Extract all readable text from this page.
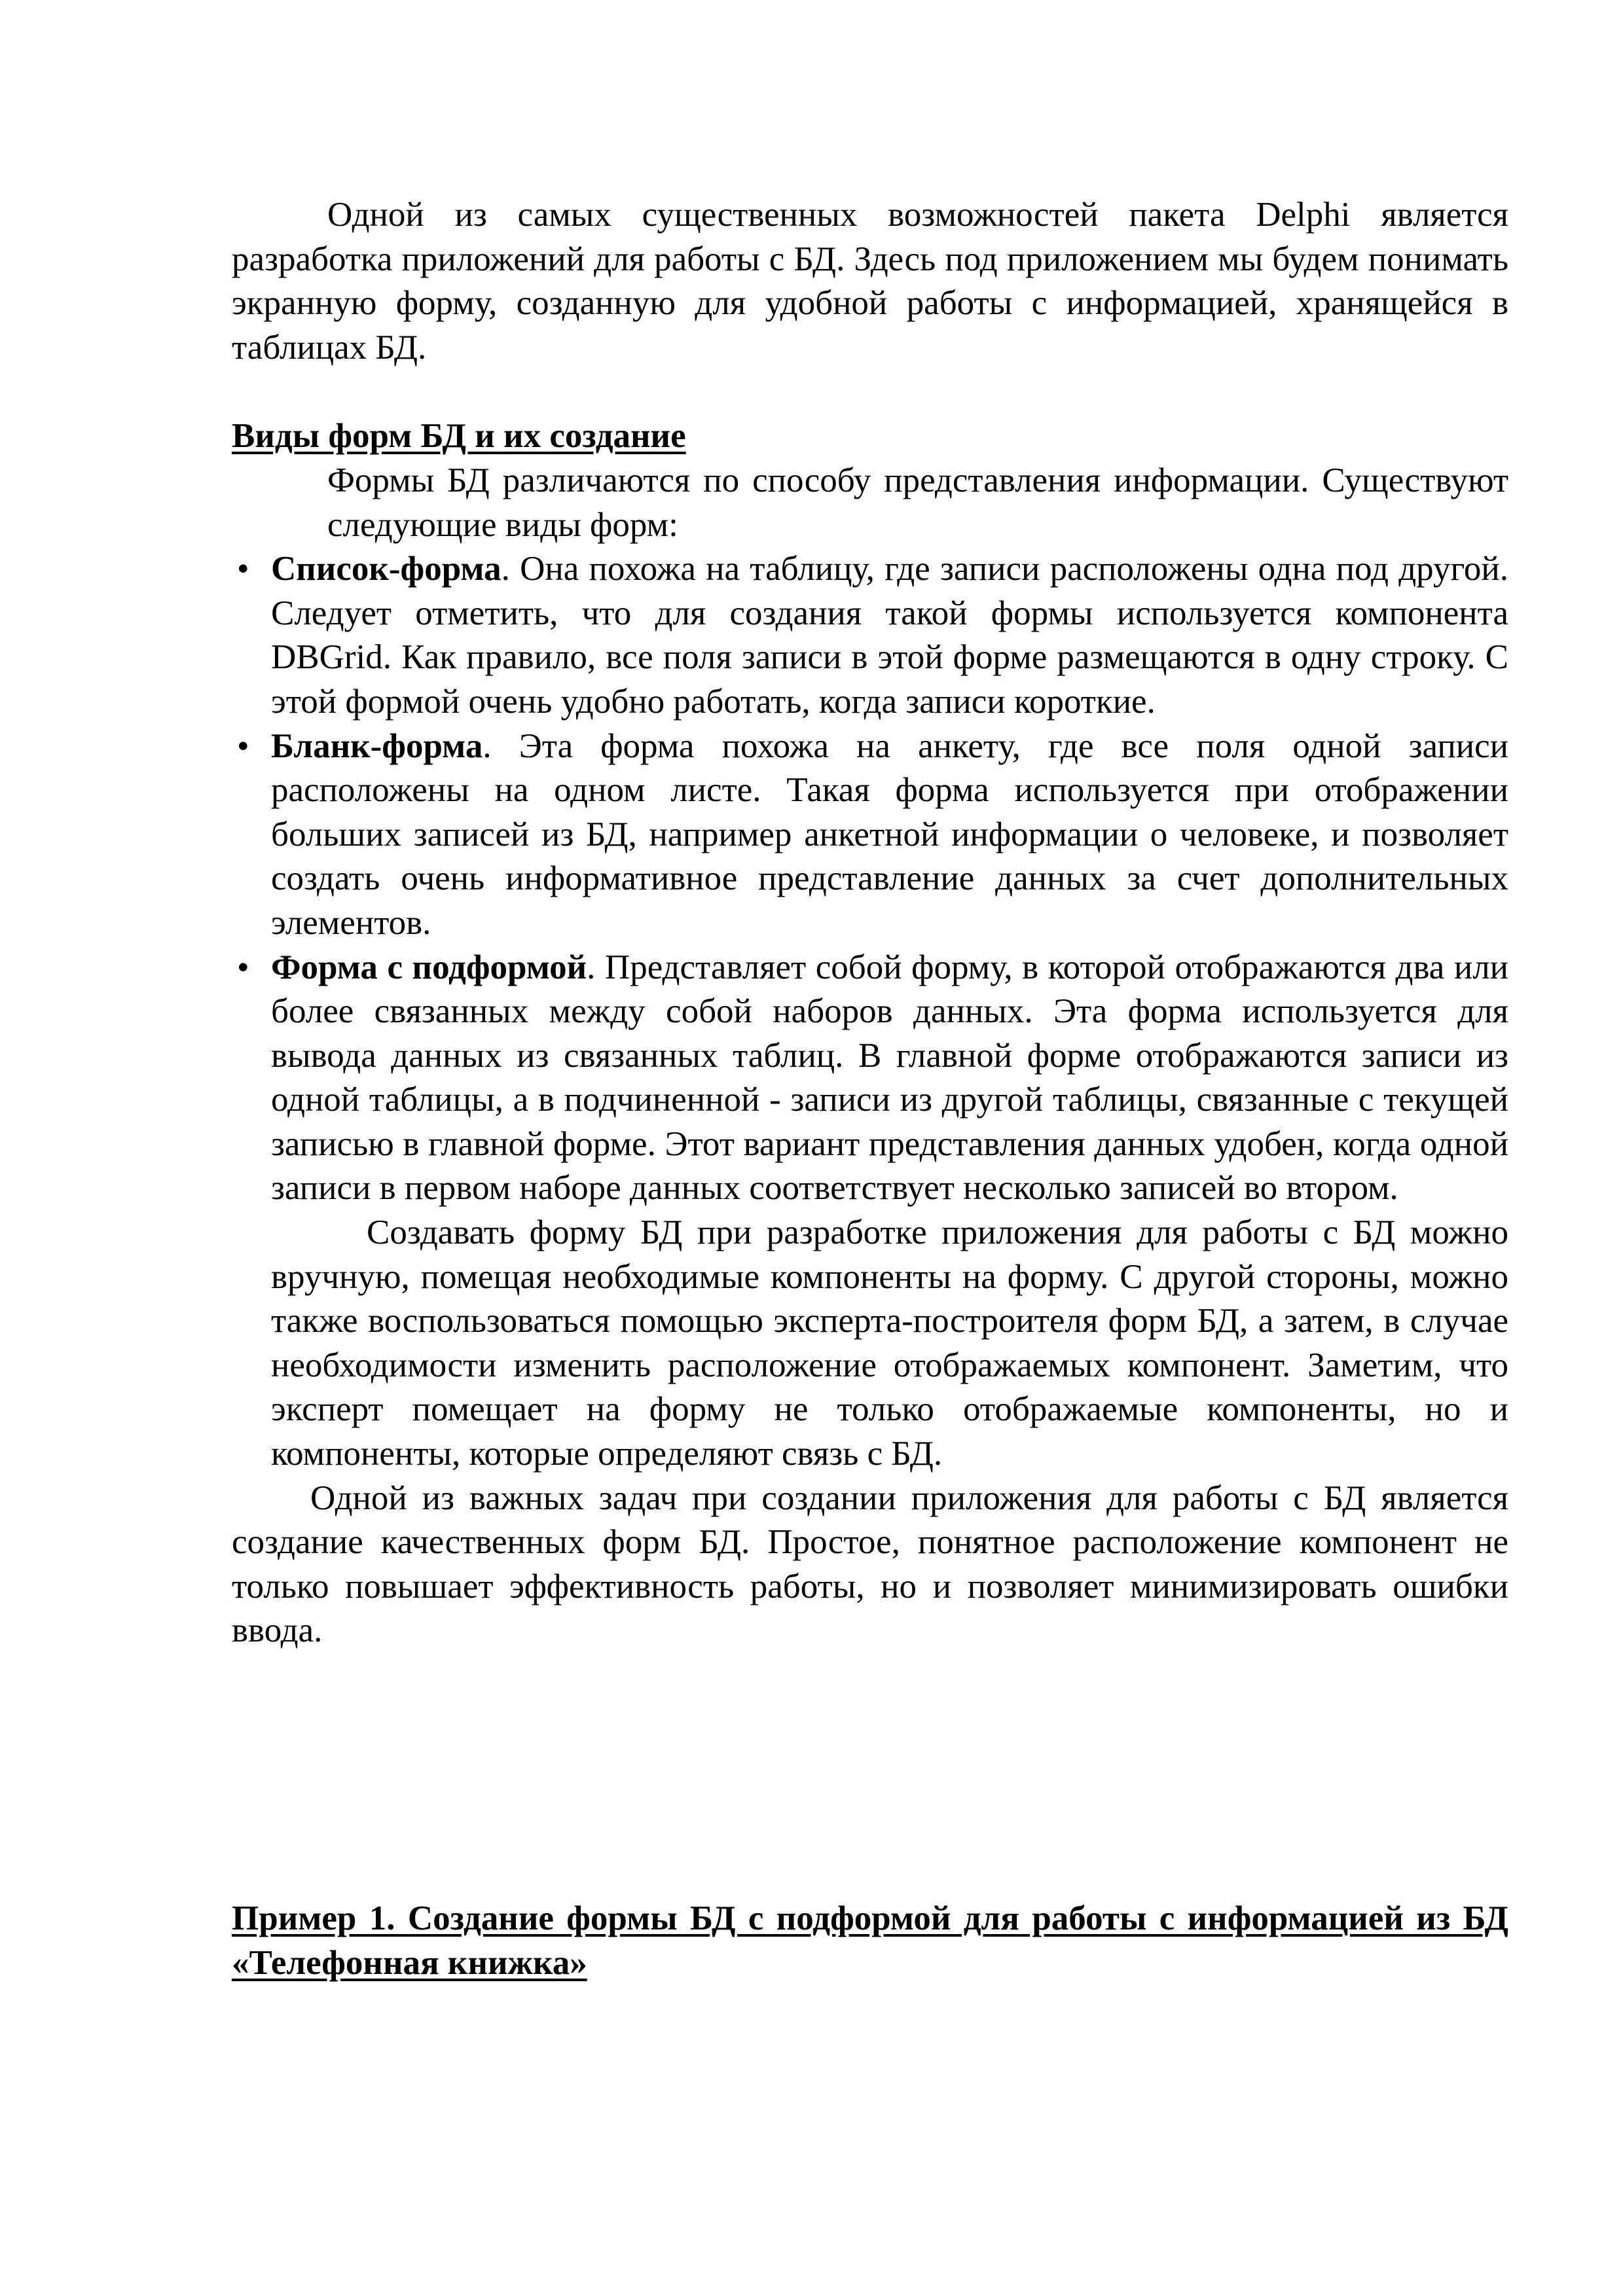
Одной из самых существенных возможностей пакета Delphi является разработка приложений для работы с БД. Здесь под приложением мы будем понимать экранную форму, созданную для удобной работы с информацией, хранящейся в таблицах БД.

Виды форм БД и их создание

Формы БД различаются по способу представления информации. Существуют следующие виды форм:

• Список-форма. Она похожа на таблицу, где записи расположены одна под другой. Следует отметить, что для создания такой формы используется компонента DBGrid. Как правило, все поля записи в этой форме размещаются в одну строку. С этой формой очень удобно работать, когда записи короткие.
• Бланк-форма. Эта форма похожа на анкету, где все поля одной записи расположены на одном листе. Такая форма используется при отображении больших записей из БД, например анкетной информации о человеке, и позволяет создать очень информативное представление данных за счет дополнительных элементов.
• Форма с подформой. Представляет собой форму, в которой отображаются два или более связанных между собой наборов данных. Эта форма используется для вывода данных из связанных таблиц. В главной форме отображаются записи из одной таблицы, а в подчиненной - записи из другой таблицы, связанные с текущей записью в главной форме. Этот вариант представления данных удобен, когда одной записи в первом наборе данных соответствует несколько записей во втором.

Создавать форму БД при разработке приложения для работы с БД можно вручную, помещая необходимые компоненты на форму. С другой стороны, можно также воспользоваться помощью эксперта-построителя форм БД, а затем, в случае необходимости изменить расположение отображаемых компонент. Заметим, что эксперт помещает на форму не только отображаемые компоненты, но и компоненты, которые определяют связь с БД.

Одной из важных задач при создании приложения для работы с БД является создание качественных форм БД. Простое, понятное расположение компонент не только повышает эффективность работы, но и позволяет минимизировать ошибки ввода.

Пример 1. Создание формы БД с подформой для работы с информацией из БД «Телефонная книжка»
